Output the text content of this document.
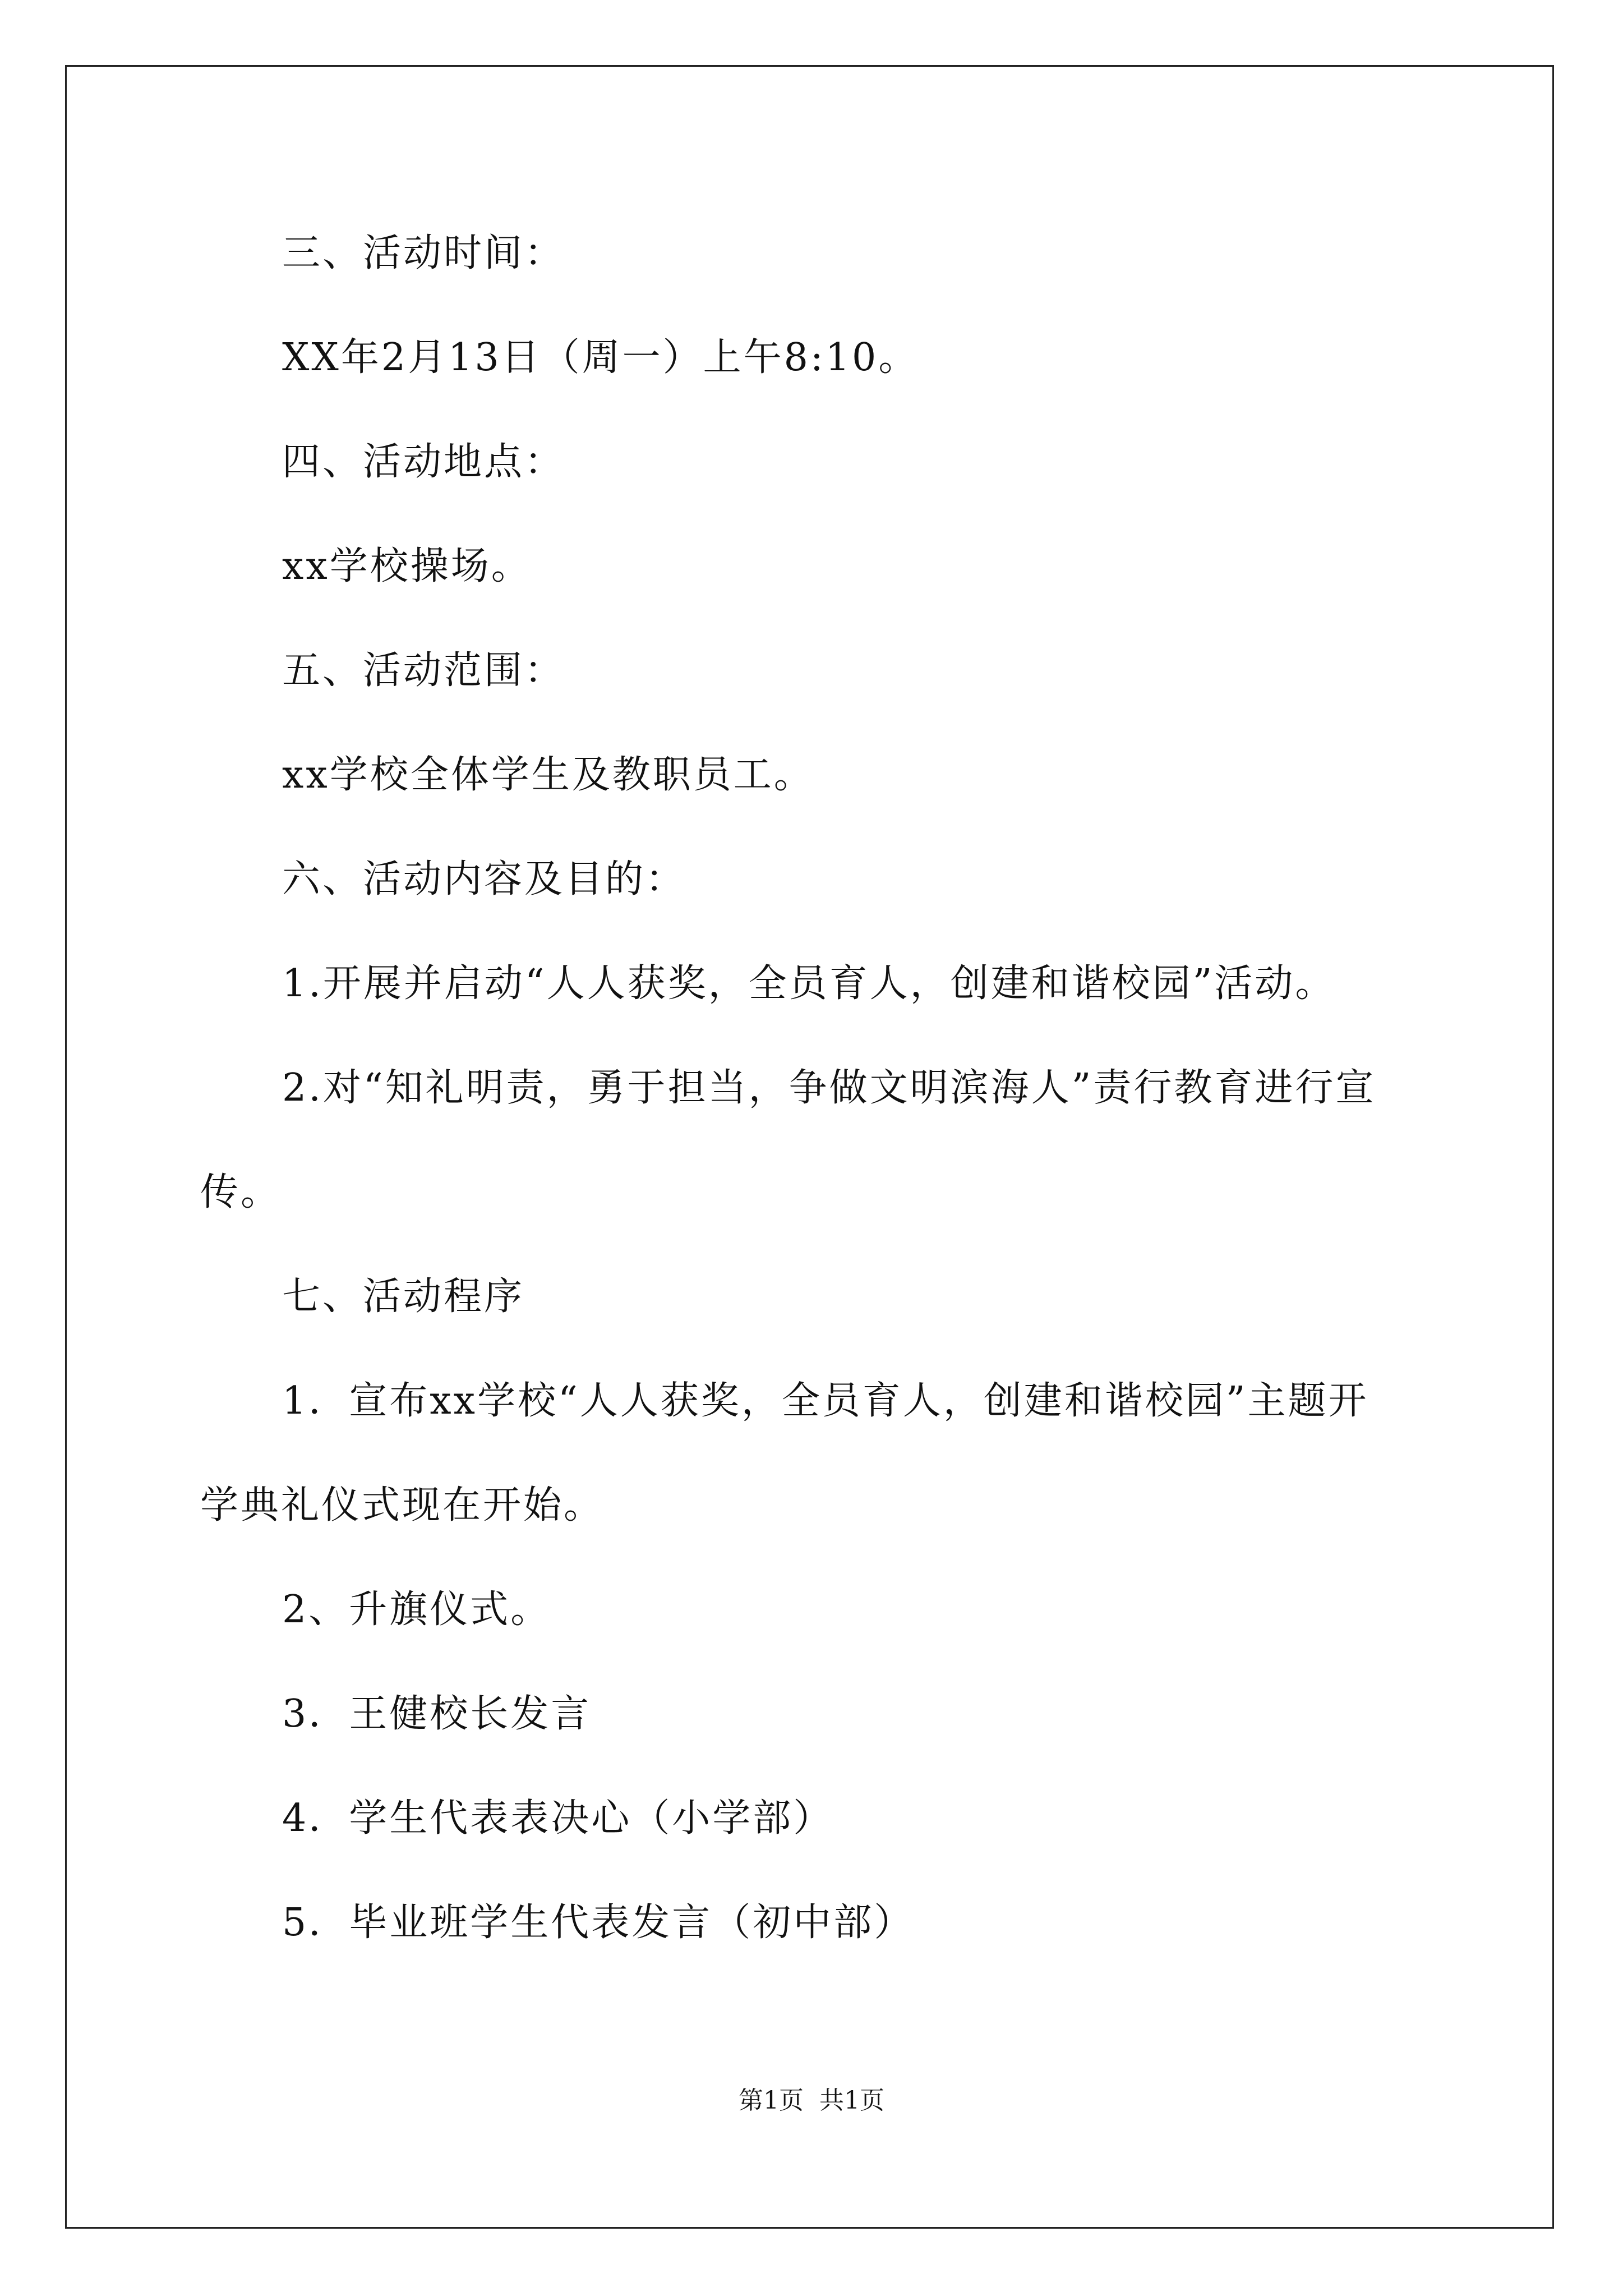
三、活动时间：
XX年2月13日（周一）上午8:10。
四、活动地点：
xx学校操场。
五、活动范围：
xx学校全体学生及教职员工。
六、活动内容及目的：
1.开展并启动“人人获奖，全员育人，创建和谐校园”活动。
2.对“知礼明责，勇于担当，争做文明滨海人”责行教育进行宣
传。
七、活动程序
1．宣布xx学校“人人获奖，全员育人，创建和谐校园”主题开
学典礼仪式现在开始。
2、升旗仪式。
3．王健校长发言
4．学生代表表决心（小学部）
5．毕业班学生代表发言（初中部）
第1页  共1页
